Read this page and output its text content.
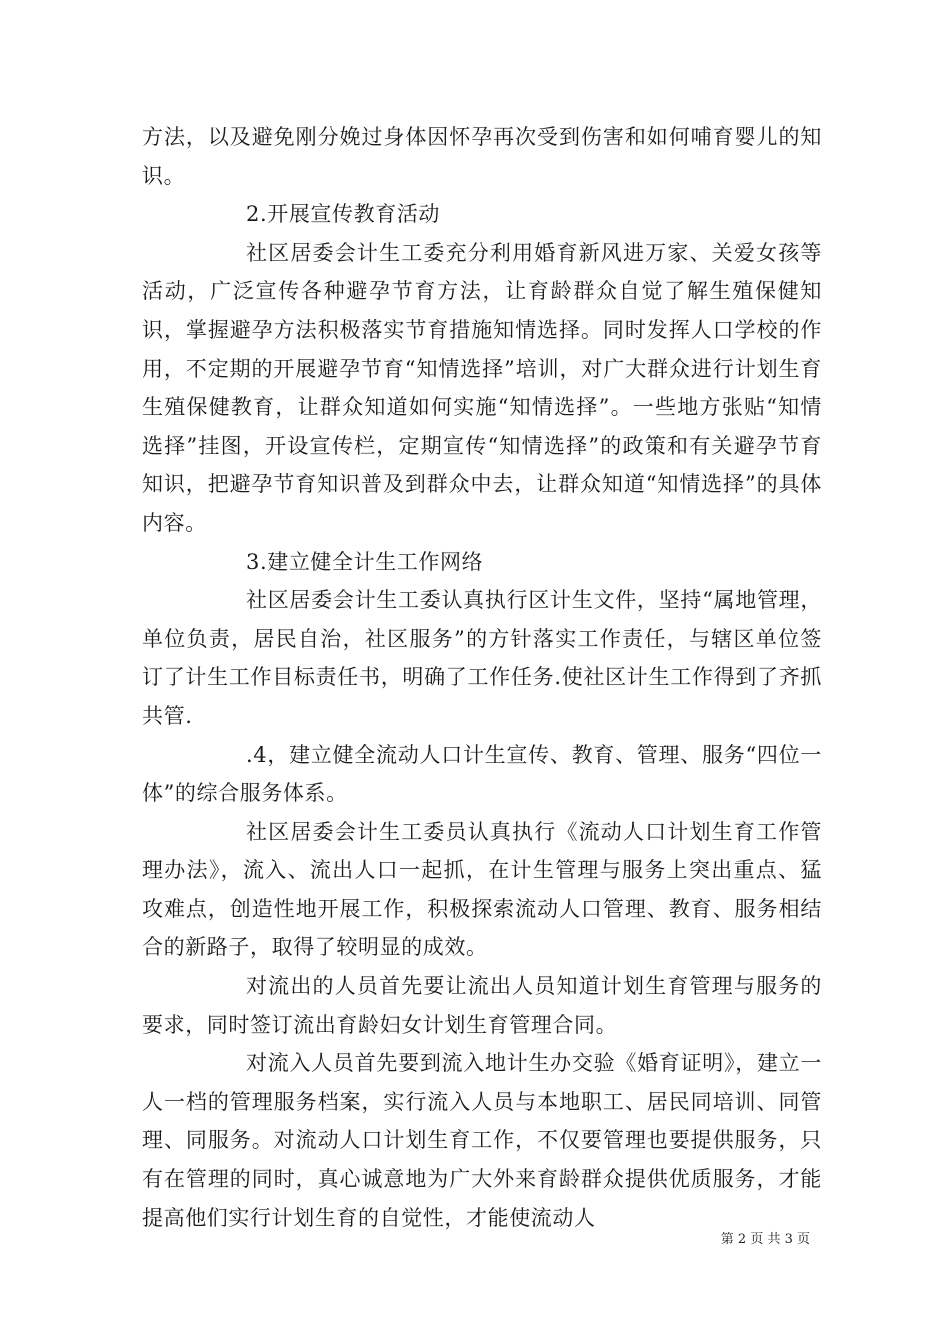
方法，以及避免刚分娩过身体因怀孕再次受到伤害和如何哺育婴儿的知识。

2.开展宣传教育活动

社区居委会计生工委充分利用婚育新风进万家、关爱女孩等活动，广泛宣传各种避孕节育方法，让育龄群众自觉了解生殖保健知识，掌握避孕方法积极落实节育措施知情选择。同时发挥人口学校的作用，不定期的开展避孕节育“知情选择”培训，对广大群众进行计划生育生殖保健教育，让群众知道如何实施“知情选择”。一些地方张贴“知情选择”挂图，开设宣传栏，定期宣传“知情选择”的政策和有关避孕节育知识，把避孕节育知识普及到群众中去，让群众知道“知情选择”的具体内容。

3.建立健全计生工作网络

社区居委会计生工委认真执行区计生文件，坚持“属地管理，单位负责，居民自治，社区服务”的方针落实工作责任，与辖区单位签订了计生工作目标责任书，明确了工作任务.使社区计生工作得到了齐抓共管.

.4，建立健全流动人口计生宣传、教育、管理、服务“四位一体”的综合服务体系。

社区居委会计生工委员认真执行《流动人口计划生育工作管理办法》，流入、流出人口一起抓，在计生管理与服务上突出重点、猛攻难点，创造性地开展工作，积极探索流动人口管理、教育、服务相结合的新路子，取得了较明显的成效。

对流出的人员首先要让流出人员知道计划生育管理与服务的要求，同时签订流出育龄妇女计划生育管理合同。

对流入人员首先要到流入地计生办交验《婚育证明》，建立一人一档的管理服务档案，实行流入人员与本地职工、居民同培训、同管理、同服务。对流动人口计划生育工作，不仅要管理也要提供服务，只有在管理的同时，真心诚意地为广大外来育龄群众提供优质服务，才能提高他们实行计划生育的自觉性，才能使流动人

第 2 页 共 3 页
